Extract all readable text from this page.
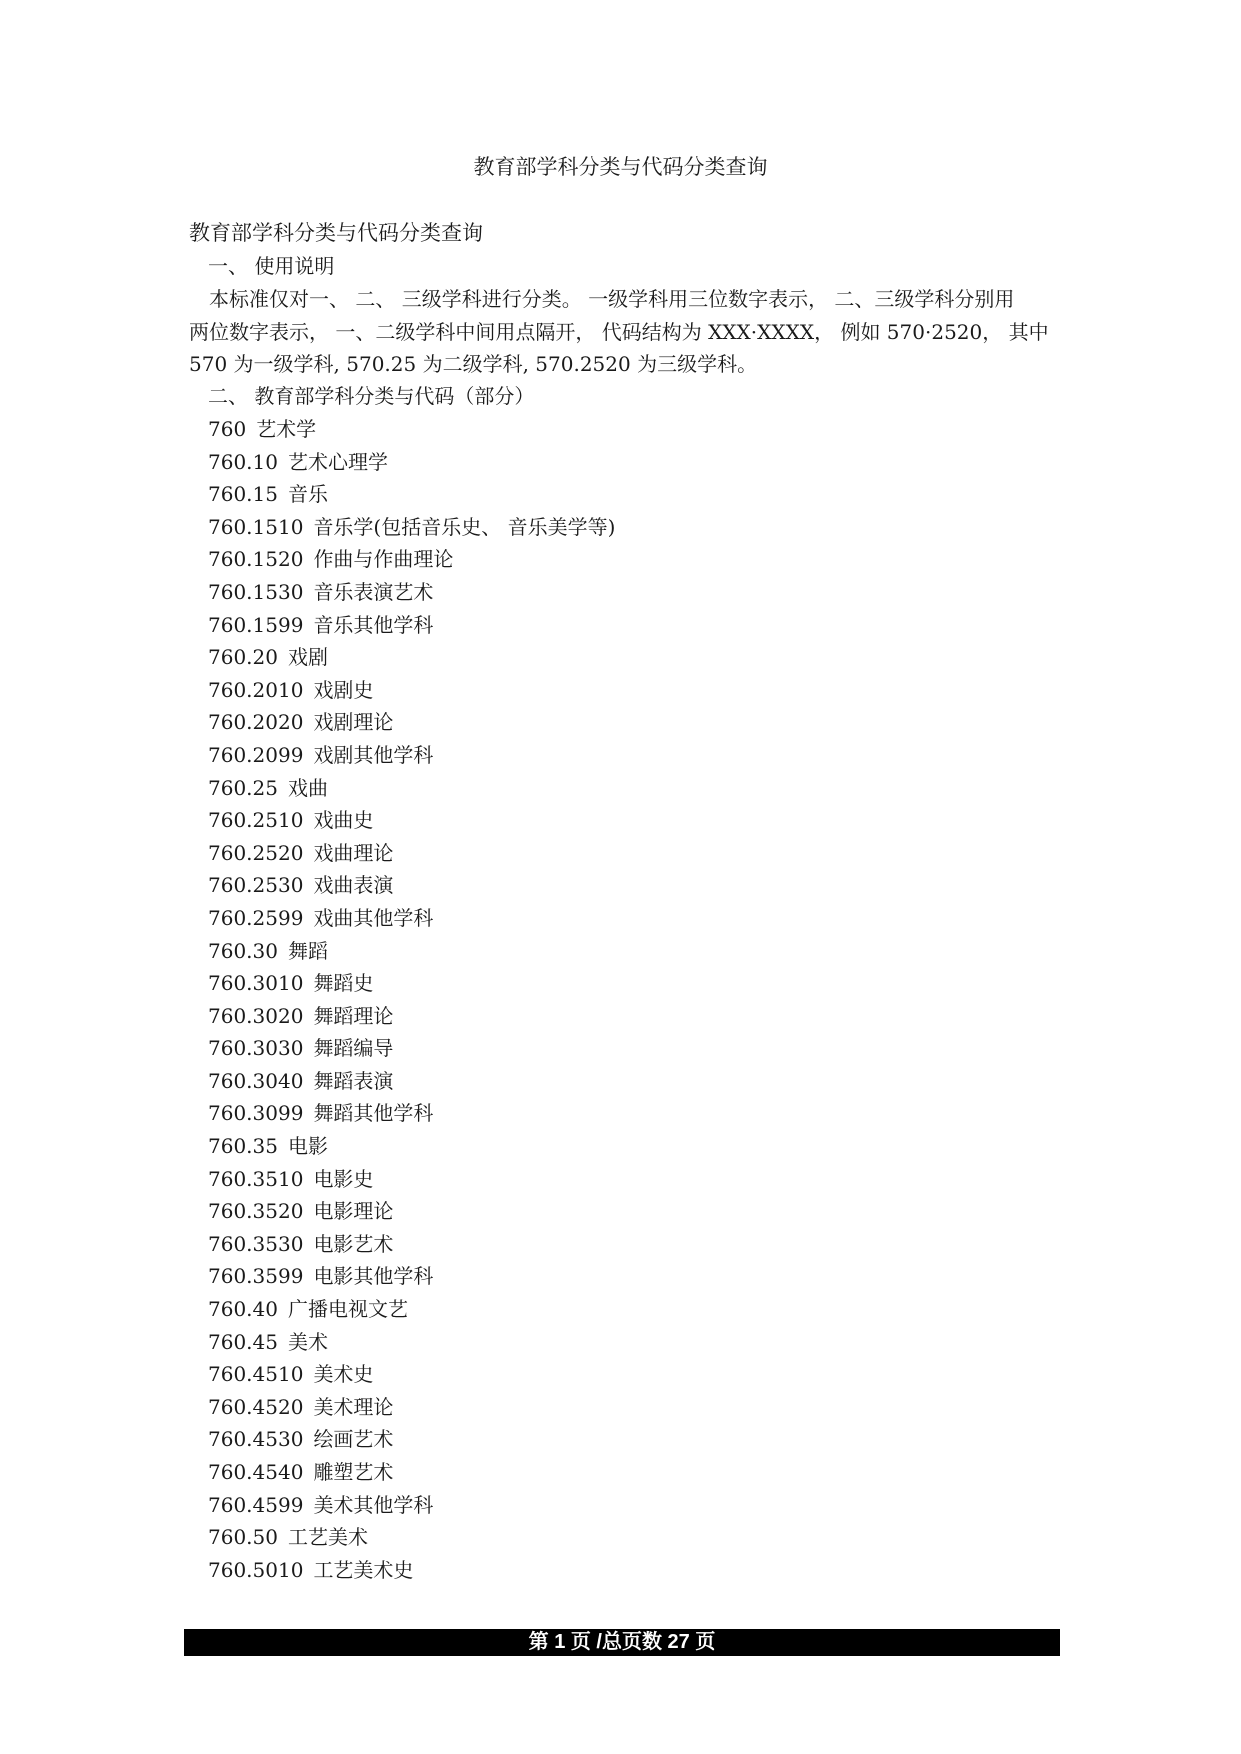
教育部学科分类与代码分类查询
教育部学科分类与代码分类查询
一、 使用说明
本标准仅对一、 二、 三级学科进行分类。 一级学科用三位数字表示， 二、三级学科分别用
两位数字表示， 一、二级学科中间用点隔开， 代码结构为 XXX·XXXX， 例如 570·2520， 其中
570 为一级学科, 570.25 为二级学科, 570.2520 为三级学科。
二、 教育部学科分类与代码（部分）
760 艺术学
760.10 艺术心理学
760.15 音乐
760.1510 音乐学(包括音乐史、 音乐美学等)
760.1520 作曲与作曲理论
760.1530 音乐表演艺术
760.1599 音乐其他学科
760.20 戏剧
760.2010 戏剧史
760.2020 戏剧理论
760.2099 戏剧其他学科
760.25 戏曲
760.2510 戏曲史
760.2520 戏曲理论
760.2530 戏曲表演
760.2599 戏曲其他学科
760.30 舞蹈
760.3010 舞蹈史
760.3020 舞蹈理论
760.3030 舞蹈编导
760.3040 舞蹈表演
760.3099 舞蹈其他学科
760.35 电影
760.3510 电影史
760.3520 电影理论
760.3530 电影艺术
760.3599 电影其他学科
760.40 广播电视文艺
760.45 美术
760.4510 美术史
760.4520 美术理论
760.4530 绘画艺术
760.4540 雕塑艺术
760.4599 美术其他学科
760.50 工艺美术
760.5010 工艺美术史
第 1 页 /总页数 27 页
